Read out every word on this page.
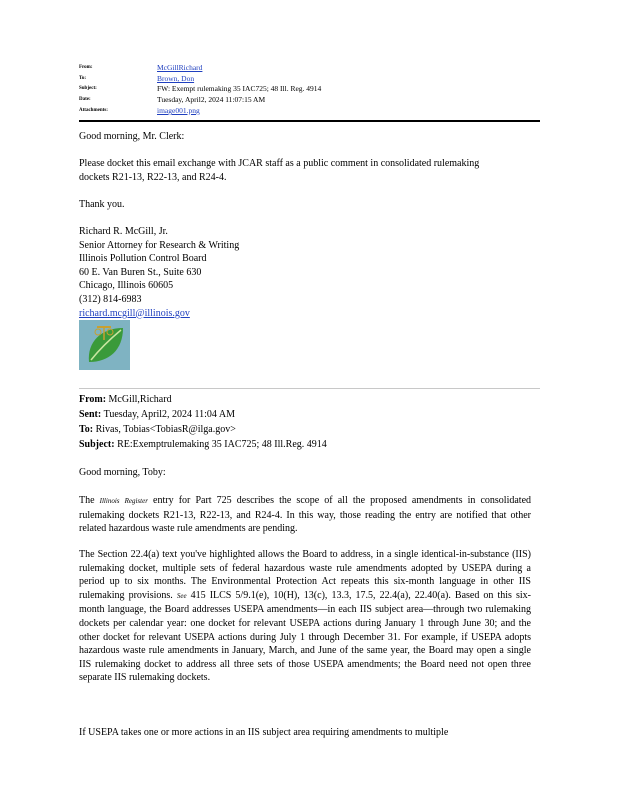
From:	McGillRichard
To:	Brown, Don
Subject:	FW: Exempt rulemaking 35 IAC725; 48 Ill. Reg. 4914
Date:	Tuesday, April2, 2024 11:07:15 AM
Attachments:	image001.png

Good morning, Mr. Clerk:

Please docket this email exchange with JCAR staff as a public comment in consolidated rulemaking dockets R21-13, R22-13, and R24-4.

Thank you.

Richard R. McGill, Jr.

Senior Attorney for Research & Writing

Illinois Pollution Control Board

60 E. Van Buren St., Suite 630

Chicago, Illinois 60605

(312) 814-6983

richard.mcgill@illinois.gov

From: McGill,Richard
Sent: Tuesday, April2, 2024 11:04 AM
To: Rivas, Tobias<TobiasR@ilga.gov>
Subject: RE:Exemptrulemaking 35 IAC725; 48 Ill.Reg. 4914

Good morning, Toby:

The Illinois Register entry for Part 725 describes the scope of all the proposed amendments in consolidated rulemaking dockets R21-13, R22-13, and R24-4. In this way, those reading the entry are notified that other related hazardous waste rule amendments are pending.

The Section 22.4(a) text you've highlighted allows the Board to address, in a single identical-in-substance (IIS) rulemaking docket, multiple sets of federal hazardous waste rule amendments adopted by USEPA during a period up to six months. The Environmental Protection Act repeats this six-month language in other IIS rulemaking provisions. See 415 ILCS 5/9.1(e), 10(H), 13(c), 13.3, 17.5, 22.4(a), 22.40(a). Based on this six-month language, the Board addresses USEPA amendments—in each IIS subject area—through two rulemaking dockets per calendar year: one docket for relevant USEPA actions during January 1 through June 30; and the other docket for relevant USEPA actions during July 1 through December 31. For example, if USEPA adopts hazardous waste rule amendments in January, March, and June of the same year, the Board may open a single IIS rulemaking docket to address all three sets of those USEPA amendments; the Board need not open three separate IIS rulemaking dockets.

If USEPA takes one or more actions in an IIS subject area requiring amendments to multiple
